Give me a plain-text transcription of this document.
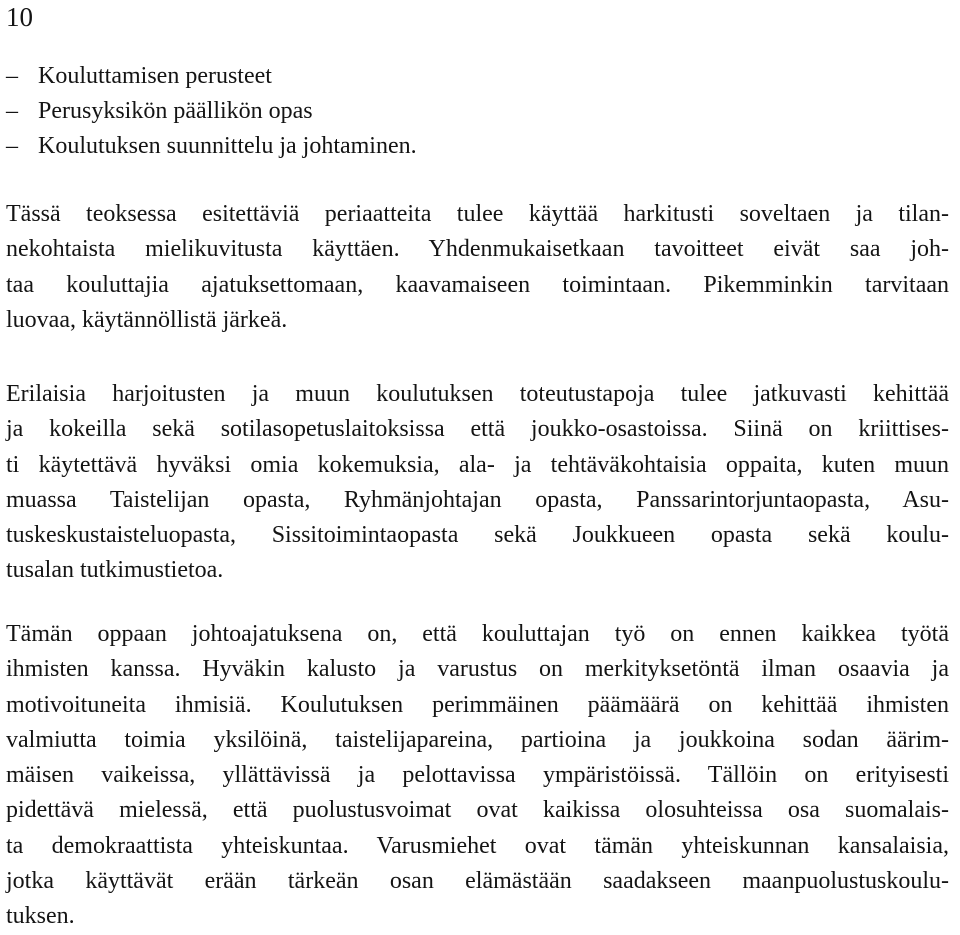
10
– Kouluttamisen perusteet
– Perusyksikön päällikön opas
– Koulutuksen suunnittelu ja johtaminen.
Tässä teoksessa esitettäviä periaatteita tulee käyttää harkitusti soveltaen ja tilan-
nekohtaista mielikuvitusta käyttäen. Yhdenmukaisetkaan tavoitteet eivät saa joh-
taa kouluttajia ajatuksettomaan, kaavamaiseen toimintaan. Pikemminkin tarvitaan
luovaa, käytännöllistä järkeä.
Erilaisia harjoitusten ja muun koulutuksen toteutustapoja tulee jatkuvasti kehittää
ja kokeilla sekä sotilasopetuslaitoksissa että joukko-osastoissa. Siinä on kriittises-
ti käytettävä hyväksi omia kokemuksia, ala- ja tehtäväkohtaisia oppaita, kuten muun
muassa Taistelijan opasta, Ryhmänjohtajan opasta, Panssarintorjuntaopasta, Asu-
tuskeskustaisteluopasta, Sissitoimintaopasta sekä Joukkueen opasta sekä koulu-
tusalan tutkimustietoa.
Tämän oppaan johtoajatuksena on, että kouluttajan työ on ennen kaikkea työtä
ihmisten kanssa. Hyväkin kalusto ja varustus on merkityksetöntä ilman osaavia ja
motivoituneita ihmisiä. Koulutuksen perimmäinen päämäärä on kehittää ihmisten
valmiutta toimia yksilöinä, taistelijapareina, partioina ja joukkoina sodan äärim-
mäisen vaikeissa, yllättävissä ja pelottavissa ympäristöissä. Tällöin on erityisesti
pidettävä mielessä, että puolustusvoimat ovat kaikissa olosuhteissa osa suomalais-
ta demokraattista yhteiskuntaa. Varusmiehet ovat tämän yhteiskunnan kansalaisia,
jotka käyttävät erään tärkeän osan elämästään saadakseen maanpuolustuskoulu-
tuksen.
